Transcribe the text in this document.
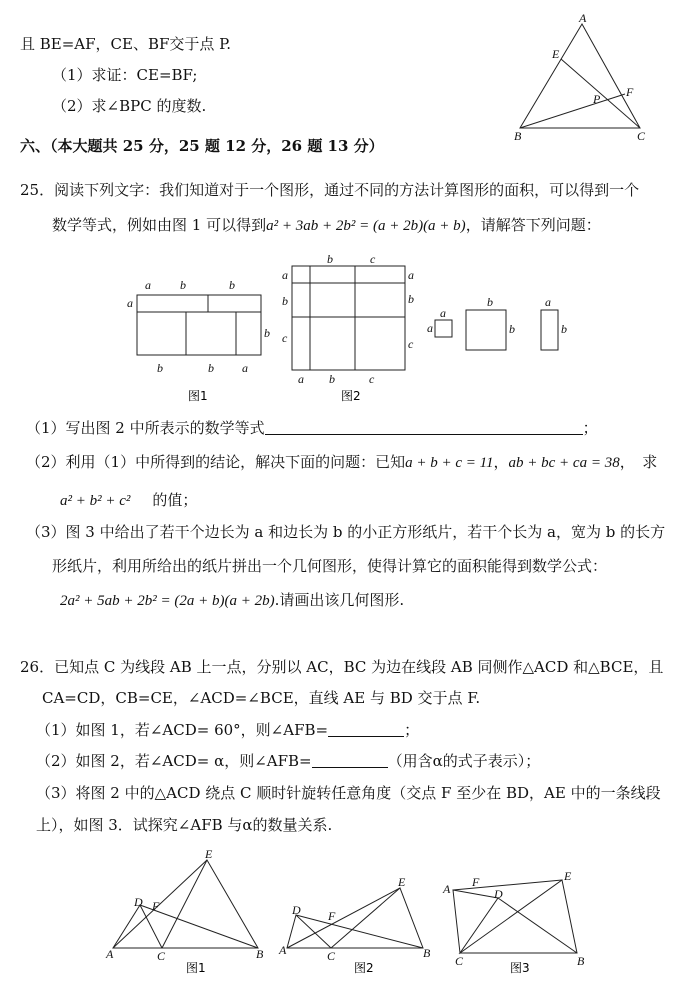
且 BE=AF，CE、BF交于点 P.
（1）求证：CE=BF;
（2）求∠BPC 的度数.
六、（本大题共 25 分，25 题 12 分，26 题 13 分）
25．阅读下列文字：我们知道对于一个图形，通过不同的方法计算图形的面积，可以得到一个
数学等式，例如由图 1 可以得到a² + 3ab + 2b² = (a + 2b)(a + b)，请解答下列问题：
（1）写出图 2 中所表示的数学等式	；
（2）利用（1）中所得到的结论，解决下面的问题：已知a + b + c = 11，ab + bc + ca = 38，　求
a² + b² + c² 的值；
（3）图 3 中给出了若干个边长为 a 和边长为 b 的小正方形纸片，若干个长为 a，宽为 b 的长方
形纸片，利用所给出的纸片拼出一个几何图形，使得计算它的面积能得到数学公式：
2a² + 5ab + 2b² = (2a + b)(a + 2b).请画出该几何图形.
26．已知点 C 为线段 AB 上一点，分别以 AC，BC 为边在线段 AB 同侧作△ACD 和△BCE，且
CA=CD，CB=CE，∠ACD=∠BCE，直线 AE 与 BD 交于点 F.
（1）如图 1，若∠ACD= 60°，则∠AFB=	；
（2）如图 2，若∠ACD= α，则∠AFB=	（用含α的式子表示）；
（3）将图 2 中的△ACD 绕点 C 顺时针旋转任意角度（交点 F 至少在 BD，AE 中的一条线段
上），如图 3．试探究∠AFB 与α的数量关系.
A
E
P F
B	C
a b	b
a
b
b	b a
图1
b	c
a
b
c
a
b
c
a b	c
图2
a
a
b
b
a
b
E
D F
A	C	B
图1
E
D F
A	C	B
图2
A F
D
E
C	B
图3
